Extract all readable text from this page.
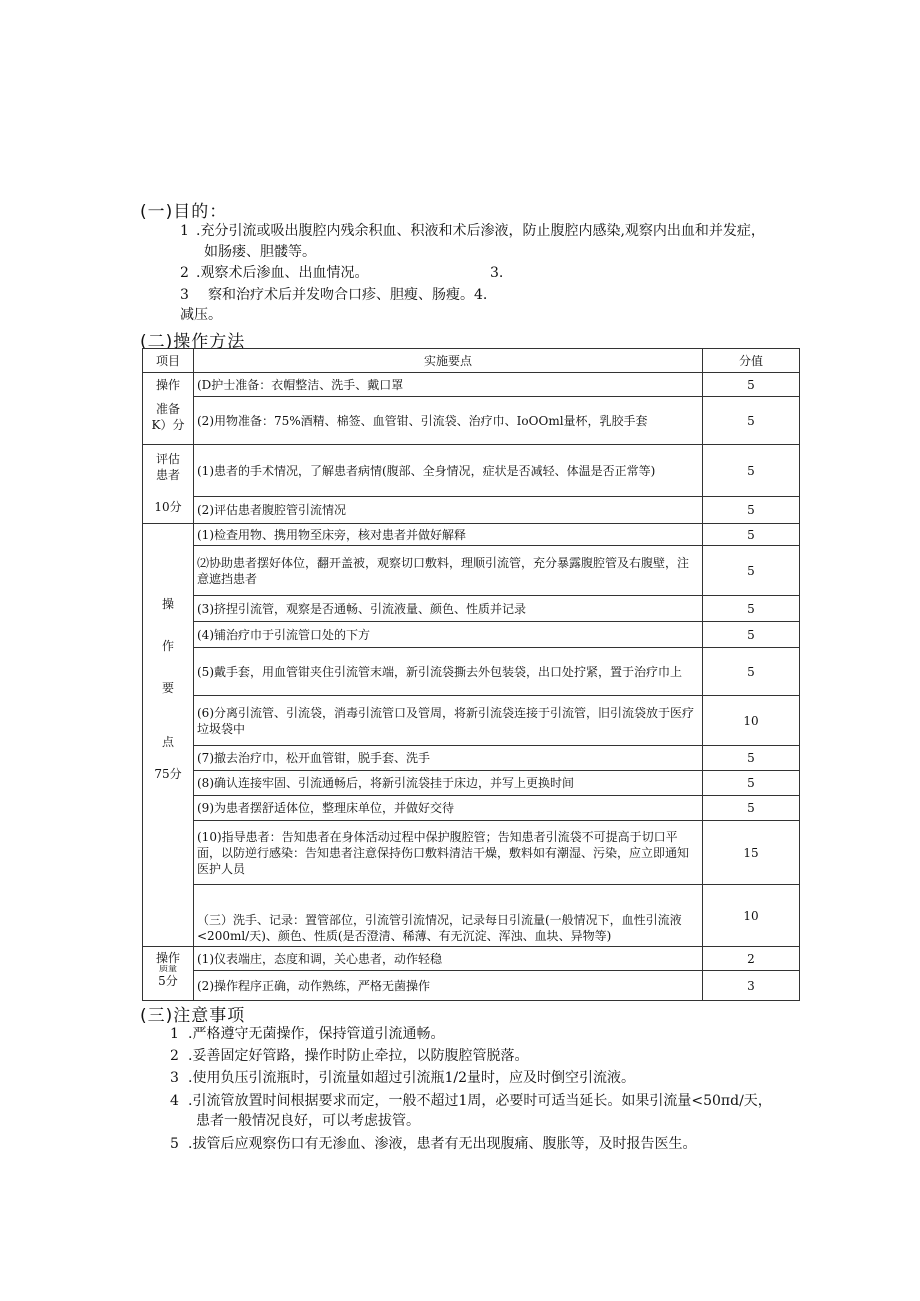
(一)目的：
1 .充分引流或吸出腹腔内残余积血、积液和术后渗液，防止腹腔内感染,观察内出血和并发症，
如肠瘘、胆髅等。
2 .观察术后渗血、出血情况。	3.
3 察和治疗术后并发吻合口疹、胆瘦、肠瘦。4.
减压。
(二)操作方法
项目	实施要点	分值

操作
准备
K）分	(D护士准备：衣帽整洁、洗手、戴口罩	5
	(2)用物准备：75%酒精、棉签、血管钳、引流袋、治疗巾、IoOOml量杯，乳胶手套	5

评估
患者
10分	(1)患者的手术情况，了解患者病情(腹部、全身情况，症状是否减轻、体温是否正常等)	5
	(2)评估患者腹腔管引流情况	5

操
作
要
点
75分	(1)检查用物、携用物至床旁，核对患者并做好解释	5
	⑵协助患者摆好体位，翻开盖被，观察切口敷料，理顺引流管，充分暴露腹腔管及右腹壁，注意遮挡患者	5
	(3)挤捏引流管，观察是否通畅、引流液量、颜色、性质并记录	5
	(4)铺治疗巾于引流管口处的下方	5
	(5)戴手套，用血管钳夹住引流管末端，新引流袋撕去外包装袋，出口处拧紧，置于治疗巾上	5
	(6)分离引流管、引流袋，消毒引流管口及管周，将新引流袋连接于引流管，旧引流袋放于医疗垃圾袋中	10
	(7)撤去治疗巾，松开血管钳，脱手套、洗手	5
	(8)确认连接牢固、引流通畅后，将新引流袋挂于床边，并写上更换时间	5
	(9)为患者摆舒适体位，整理床单位，并做好交待	5
	(10)指导患者：告知患者在身体活动过程中保护腹腔管；告知患者引流袋不可提高于切口平面，以防逆行感染：告知患者注意保持伤口敷料清洁干燥，敷料如有潮湿、污染，应立即通知医护人员	15
	（三）洗手、记录：置管部位，引流管引流情况，记录每日引流量(一般情况下，血性引流液<200ml/天)、颜色、性质(是否澄清、稀薄、有无沉淀、浑浊、血块、异物等)	10

操作
质量
5分	(1)仪表端庄，态度和调，关心患者，动作轻稳	2
	(2)操作程序正确，动作熟练，严格无菌操作	3
(三)注意事项
1 .严格遵守无菌操作，保持管道引流通畅。
2 .妥善固定好管路，操作时防止牵拉，以防腹腔管脱落。
3 .使用负压引流瓶时，引流量如超过引流瓶1/2量时，应及时倒空引流液。
4 .引流管放置时间根据要求而定，一般不超过1周，必要时可适当延长。如果引流量<50πd∕天，
患者一般情况良好，可以考虑拔管。
5 .拔管后应观察伤口有无渗血、渗液，患者有无出现腹痛、腹胀等，及时报告医生。
